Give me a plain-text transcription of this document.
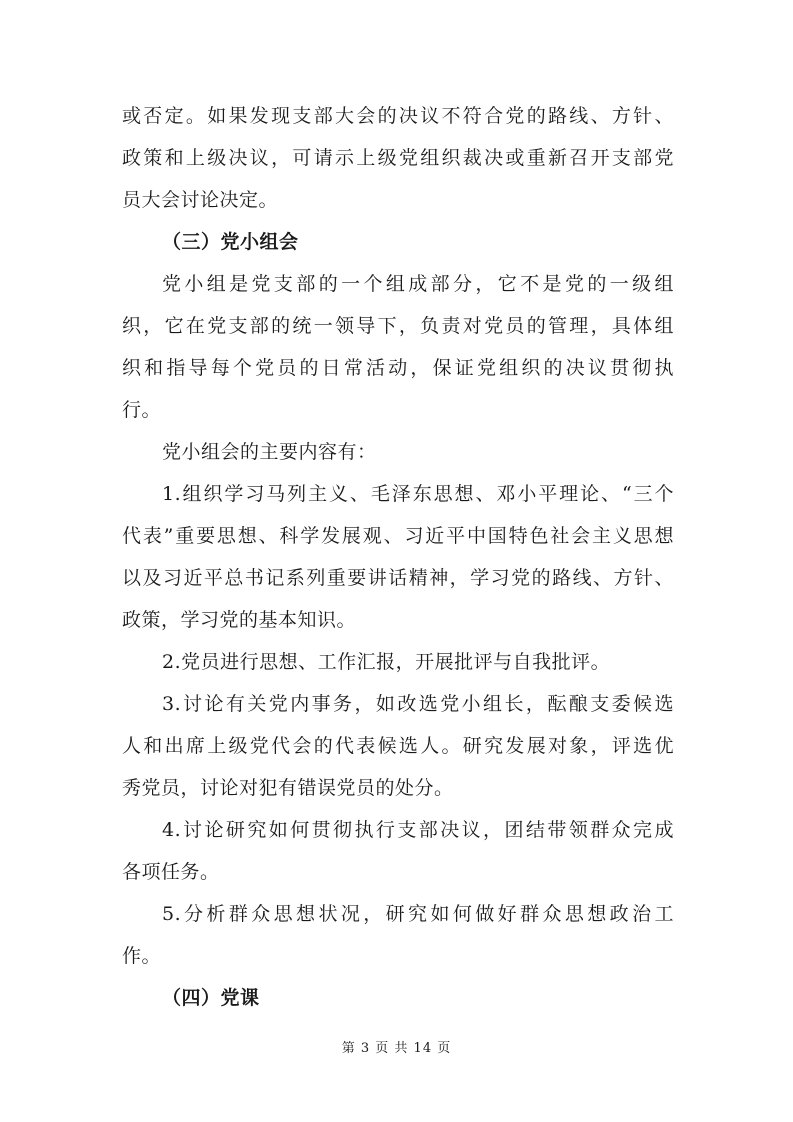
或否定。如果发现支部大会的决议不符合党的路线、方针、
政策和上级决议，可请示上级党组织裁决或重新召开支部党
员大会讨论决定。
（三）党小组会
党小组是党支部的一个组成部分，它不是党的一级组
织，它在党支部的统一领导下，负责对党员的管理，具体组
织和指导每个党员的日常活动，保证党组织的决议贯彻执
行。
党小组会的主要内容有：
1.组织学习马列主义、毛泽东思想、邓小平理论、“三个
代表”重要思想、科学发展观、习近平中国特色社会主义思想
以及习近平总书记系列重要讲话精神，学习党的路线、方针、
政策，学习党的基本知识。
2.党员进行思想、工作汇报，开展批评与自我批评。
3.讨论有关党内事务，如改选党小组长，酝酿支委候选
人和出席上级党代会的代表候选人。研究发展对象，评选优
秀党员，讨论对犯有错误党员的处分。
4.讨论研究如何贯彻执行支部决议，团结带领群众完成
各项任务。
5.分析群众思想状况，研究如何做好群众思想政治工
作。
（四）党课
第 3 页 共 14 页
